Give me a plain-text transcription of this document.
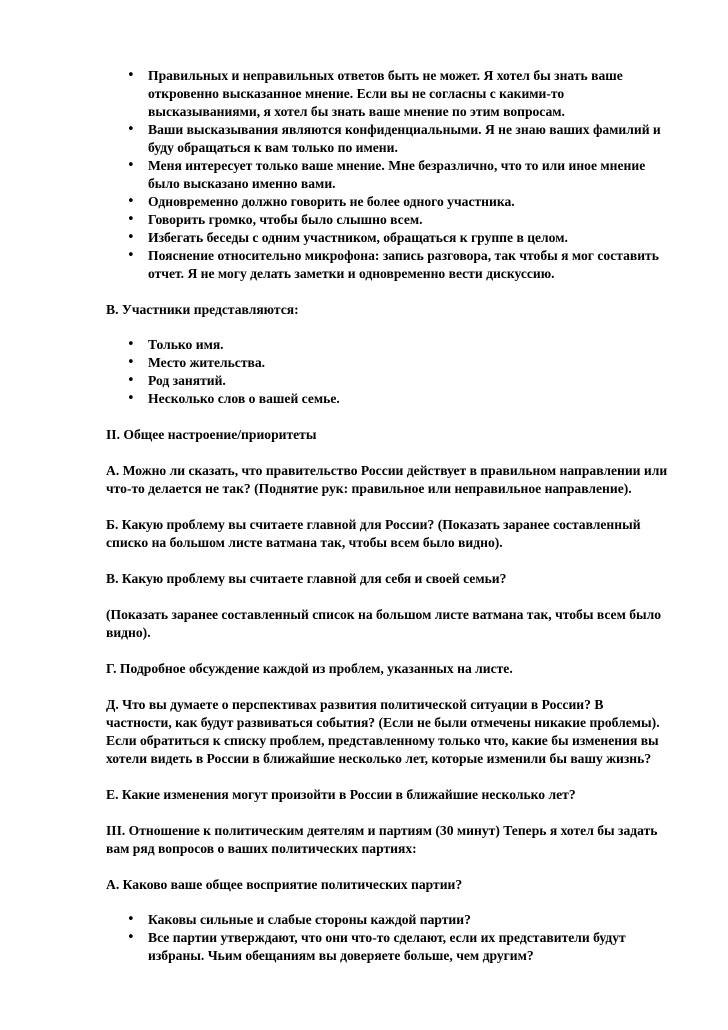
• Правильных и неправильных ответов быть не может. Я хотел бы знать ваше откровенно высказанное мнение. Если вы не согласны с какими-то высказываниями, я хотел бы знать ваше мнение по этим вопросам.
• Ваши высказывания являются конфиденциальными. Я не знаю ваших фамилий и буду обращаться к вам только по имени.
• Меня интересует только ваше мнение. Мне безразлично, что то или иное мнение было высказано именно вами.
• Одновременно должно говорить не более одного участника.
• Говорить громко, чтобы было слышно всем.
• Избегать беседы с одним участником, обращаться к группе в целом.
• Пояснение относительно микрофона: запись разговора, так чтобы я мог составить отчет. Я не могу делать заметки и одновременно вести дискуссию.

B. Участники представляются:

• Только имя.
• Место жительства.
• Род занятий.
• Несколько слов о вашей семье.

II. Общее настроение/приоритеты

А. Можно ли сказать, что правительство России действует в правильном направлении или что-то делается не так? (Поднятие рук: правильное или неправильное направление).

Б. Какую проблему вы считаете главной для России? (Показать заранее составленный списко на большом листе ватмана так, чтобы всем было видно).

В. Какую проблему вы считаете главной для себя и своей семьи?

(Показать заранее составленный список на большом листе ватмана так, чтобы всем было видно).

Г. Подробное обсуждение каждой из проблем, указанных на листе.

Д. Что вы думаете о перспективах развития политической ситуации в России? В частности, как будут развиваться события? (Если не были отмечены никакие проблемы). Если обратиться к списку проблем, представленному только что, какие бы изменения вы хотели видеть в России в ближайшие несколько лет, которые изменили бы вашу жизнь?

Е. Какие изменения могут произойти в России в ближайшие несколько лет?

III. Отношение к политическим деятелям и партиям (30 минут) Теперь я хотел бы задать вам ряд вопросов о ваших политических партиях:

А. Каково ваше общее восприятие политических партии?

• Каковы сильные и слабые стороны каждой партии?
• Все партии утверждают, что они что-то сделают, если их представители будут избраны. Чьим обещаниям вы доверяете больше, чем другим?
